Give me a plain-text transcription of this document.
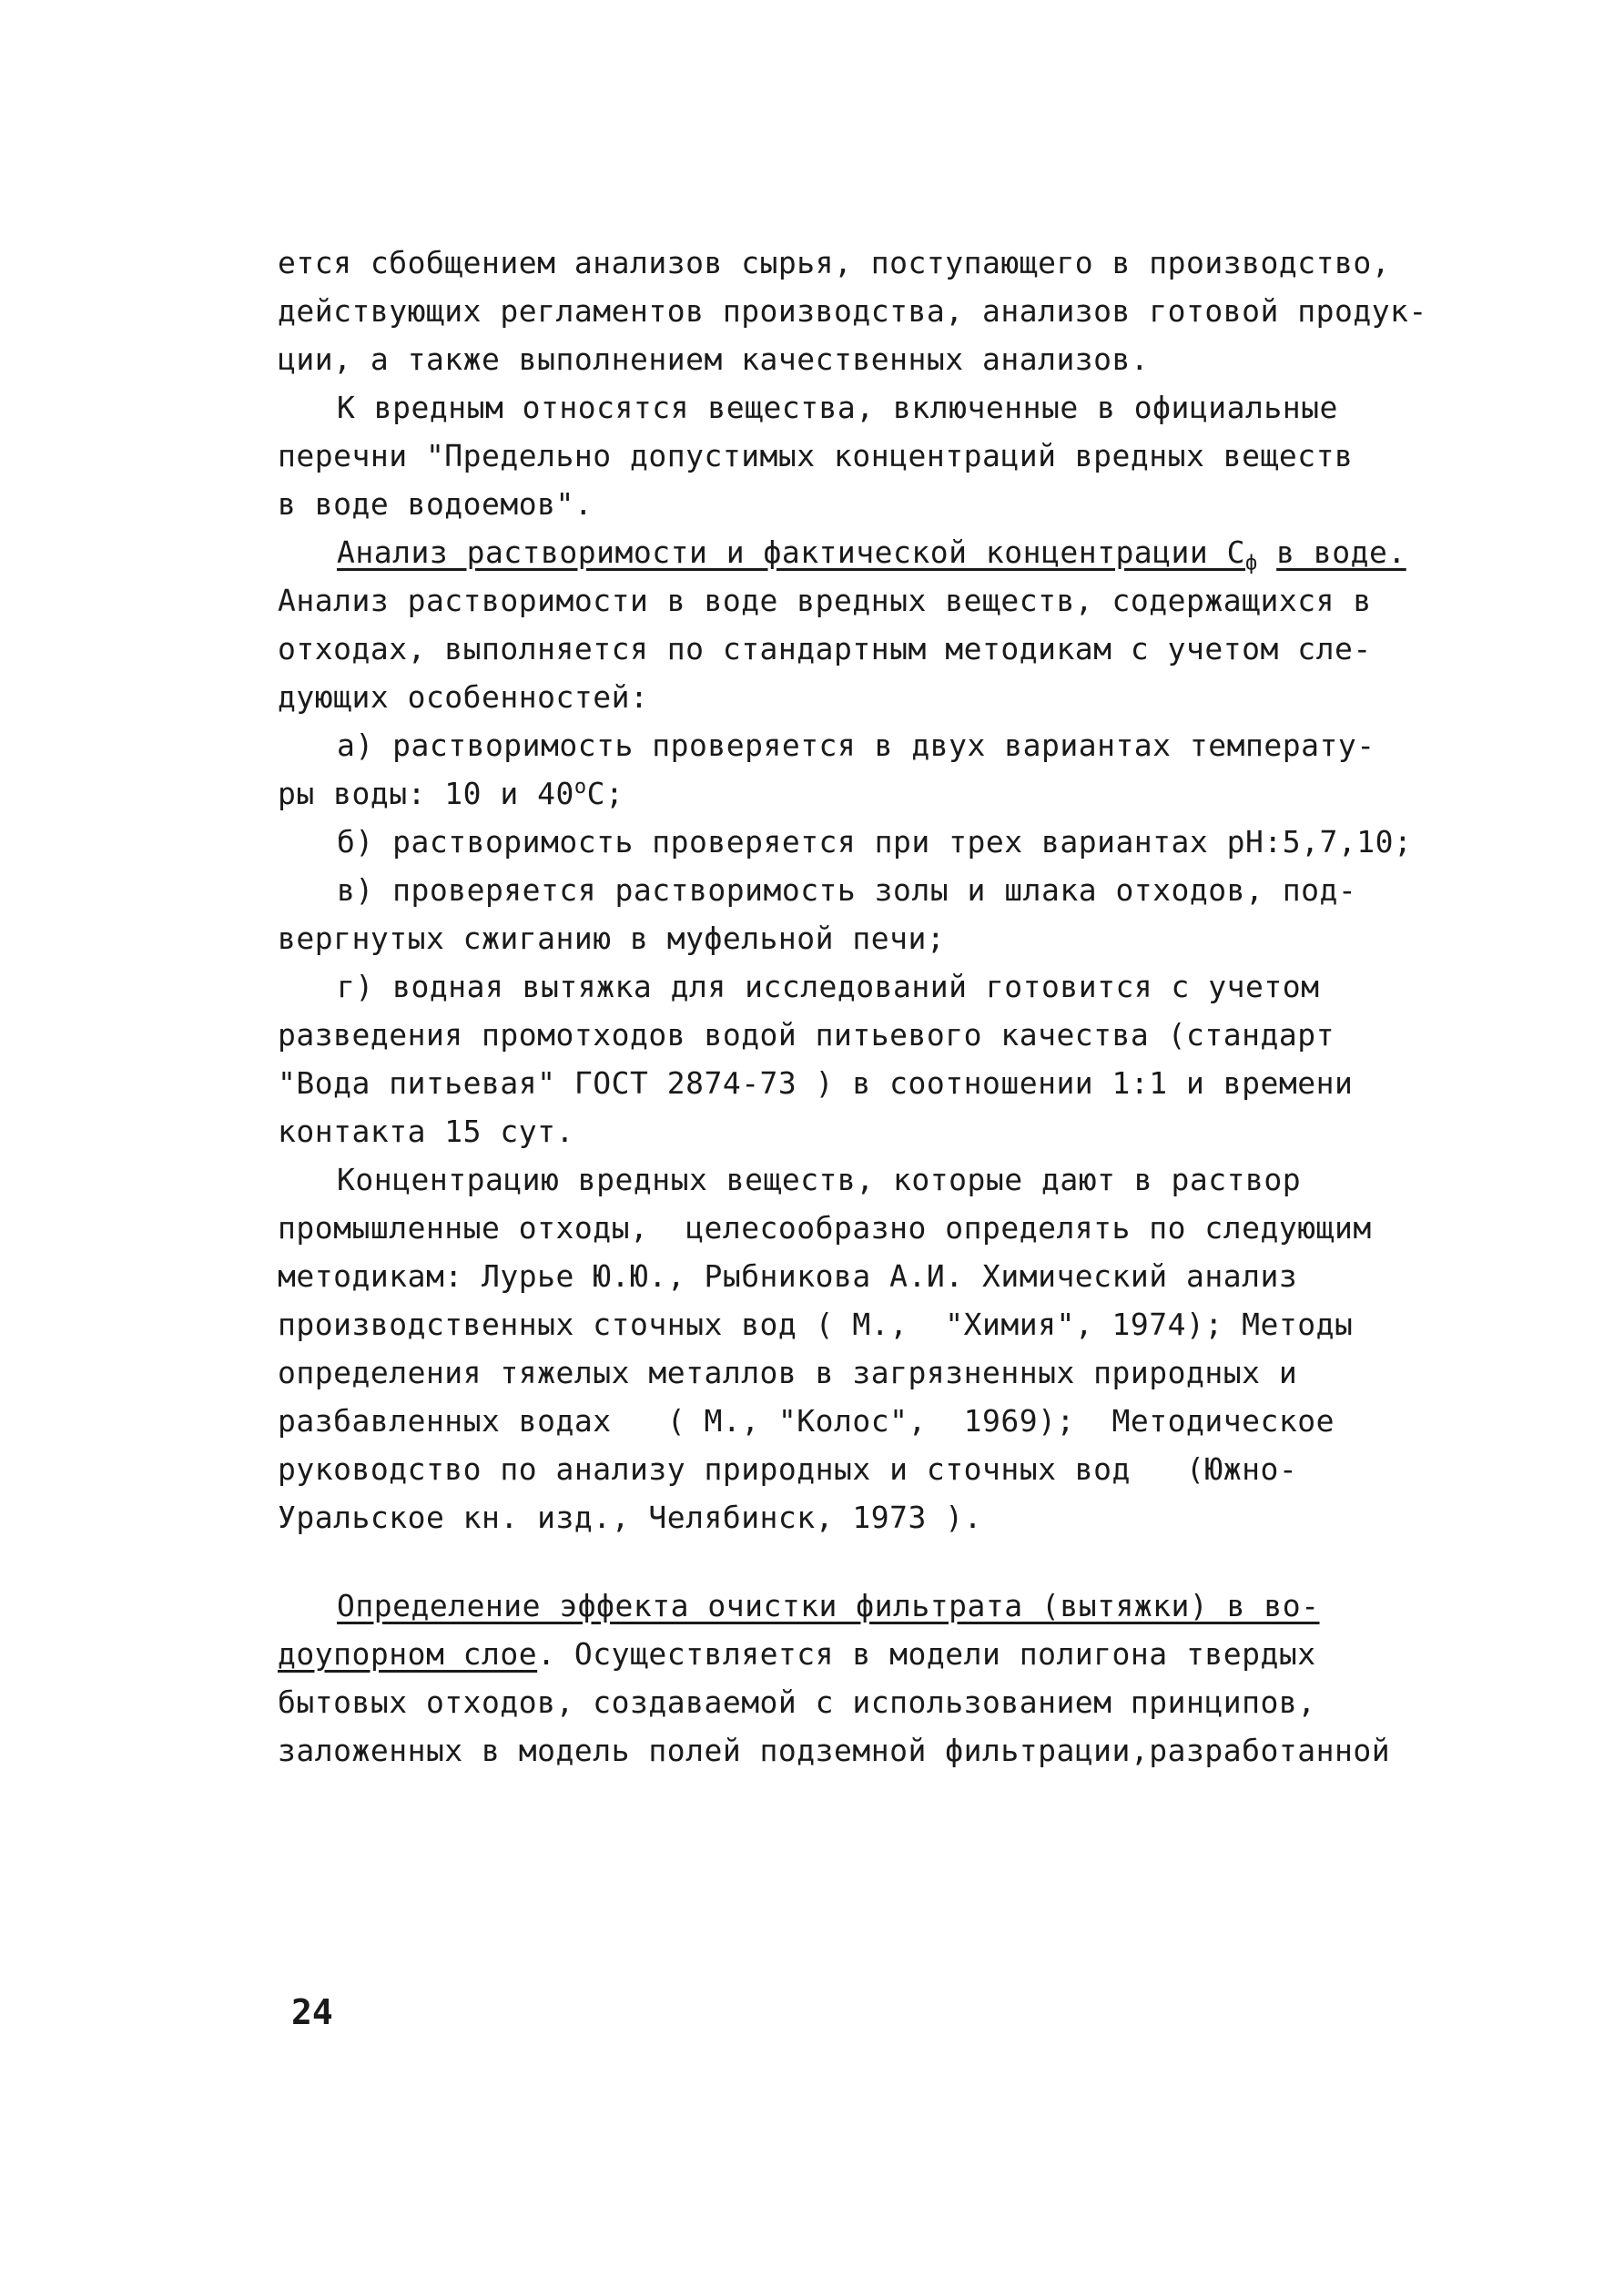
ется сбобщением анализов сырья, поступающего в производство,
действующих регламентов производства, анализов готовой продук-
ции, а также выполнением качественных анализов.
К вредным относятся вещества, включенные в официальные
перечни "Предельно допустимых концентраций вредных веществ
в воде водоемов".
Анализ растворимости и фактической концентрации $С_ф$ в воде.
Анализ растворимости в воде вредных веществ, содержащихся в
отходах, выполняется по стандартным методикам с учетом сле-
дующих особенностей:
а) растворимость проверяется в двух вариантах температу-
ры воды: 10 и $40^оС$;
б) растворимость проверяется при трех вариантах pH:5,7,10;
в) проверяется растворимость золы и шлака отходов, под-
вергнутых сжиганию в муфельной печи;
г) водная вытяжка для исследований готовится с учетом
разведения промотходов водой питьевого качества (стандарт
"Вода питьевая" ГОСТ 2874-73 ) в соотношении 1:1 и времени
контакта 15 сут.
Концентрацию вредных веществ, которые дают в раствор
промышленные отходы,  целесообразно определять по следующим
методикам: Лурье Ю.Ю., Рыбникова А.И. Химический анализ
производственных сточных вод ( М.,  "Химия", 1974); Методы
определения тяжелых металлов в загрязненных природных и
разбавленных водах   ( М., "Колос",  1969);  Методическое
руководство по анализу природных и сточных вод   (Южно-
Уральское кн. изд., Челябинск, 1973 ).
Определение эффекта очистки фильтрата (вытяжки) в во-
доупорном слое. Осуществляется в модели полигона твердых
бытовых отходов, создаваемой с использованием принципов,
заложенных в модель полей подземной фильтрации,разработанной
24
